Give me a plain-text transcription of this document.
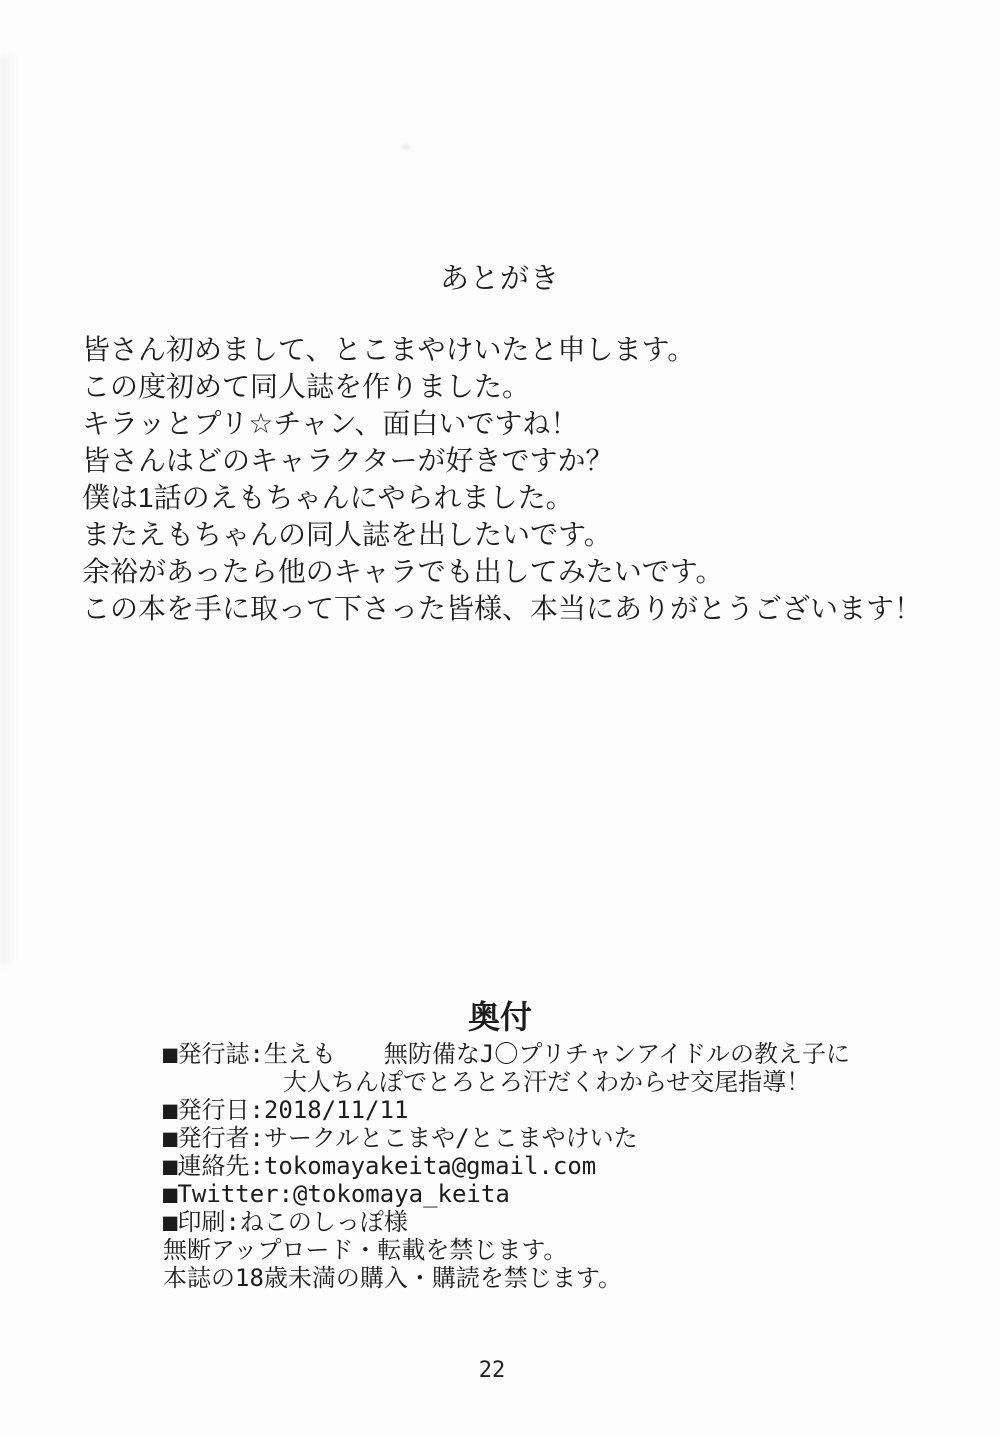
あとがき
皆さん初めまして、とこまやけいたと申します。
この度初めて同人誌を作りました。
キラッとプリ☆チャン、面白いですね！
皆さんはどのキャラクターが好きですか？
僕は1話のえもちゃんにやられました。
またえもちゃんの同人誌を出したいです。
余裕があったら他のキャラでも出してみたいです。
この本を手に取って下さった皆様、本当にありがとうございます！
奥付
■発行誌:生えも　　無防備なJ〇プリチャンアイドルの教え子に
大人ちんぽでとろとろ汗だくわからせ交尾指導！
■発行日:2018/11/11
■発行者:サークルとこまや/とこまやけいた
■連絡先:tokomayakeita@gmail.com
■Twitter:@tokomaya_keita
■印刷:ねこのしっぽ様
無断アップロード・転載を禁じます。
本誌の18歳未満の購入・購読を禁じます。
22
